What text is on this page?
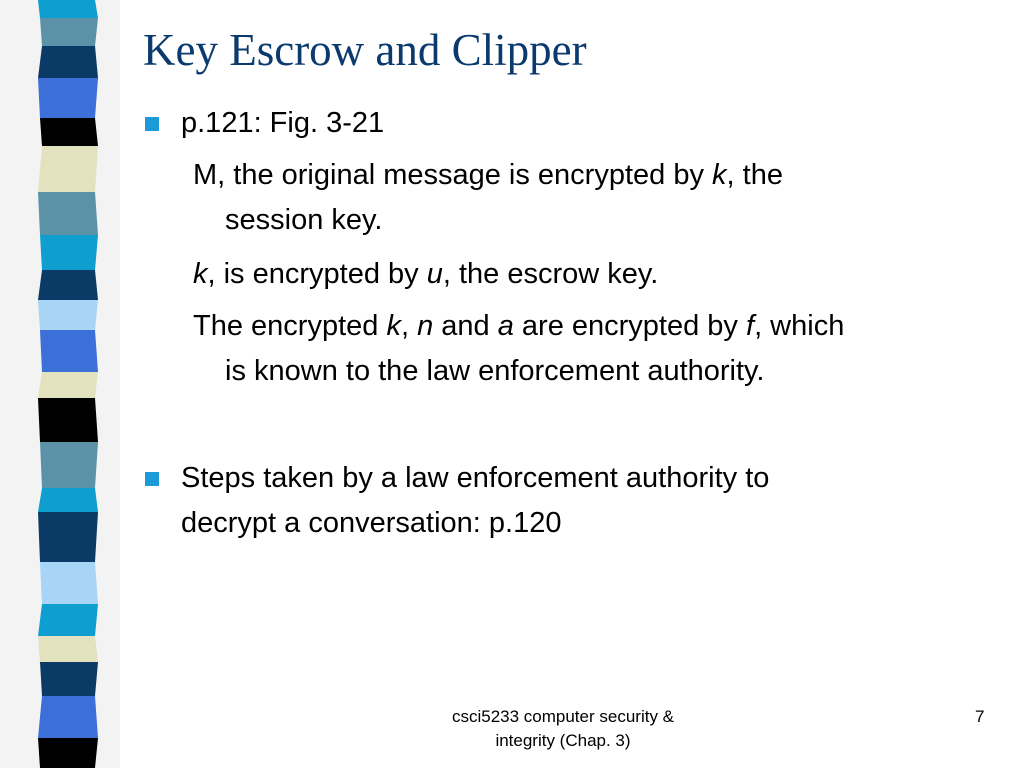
Key Escrow and Clipper
p.121: Fig. 3-21
M, the original message is encrypted by k, the
session key.
k, is encrypted by u, the escrow key.
The encrypted k, n and a are encrypted by f, which
is known to the law enforcement authority.
Steps taken by a law enforcement authority to
decrypt a conversation: p.120
csci5233 computer security &
integrity (Chap. 3)
7
